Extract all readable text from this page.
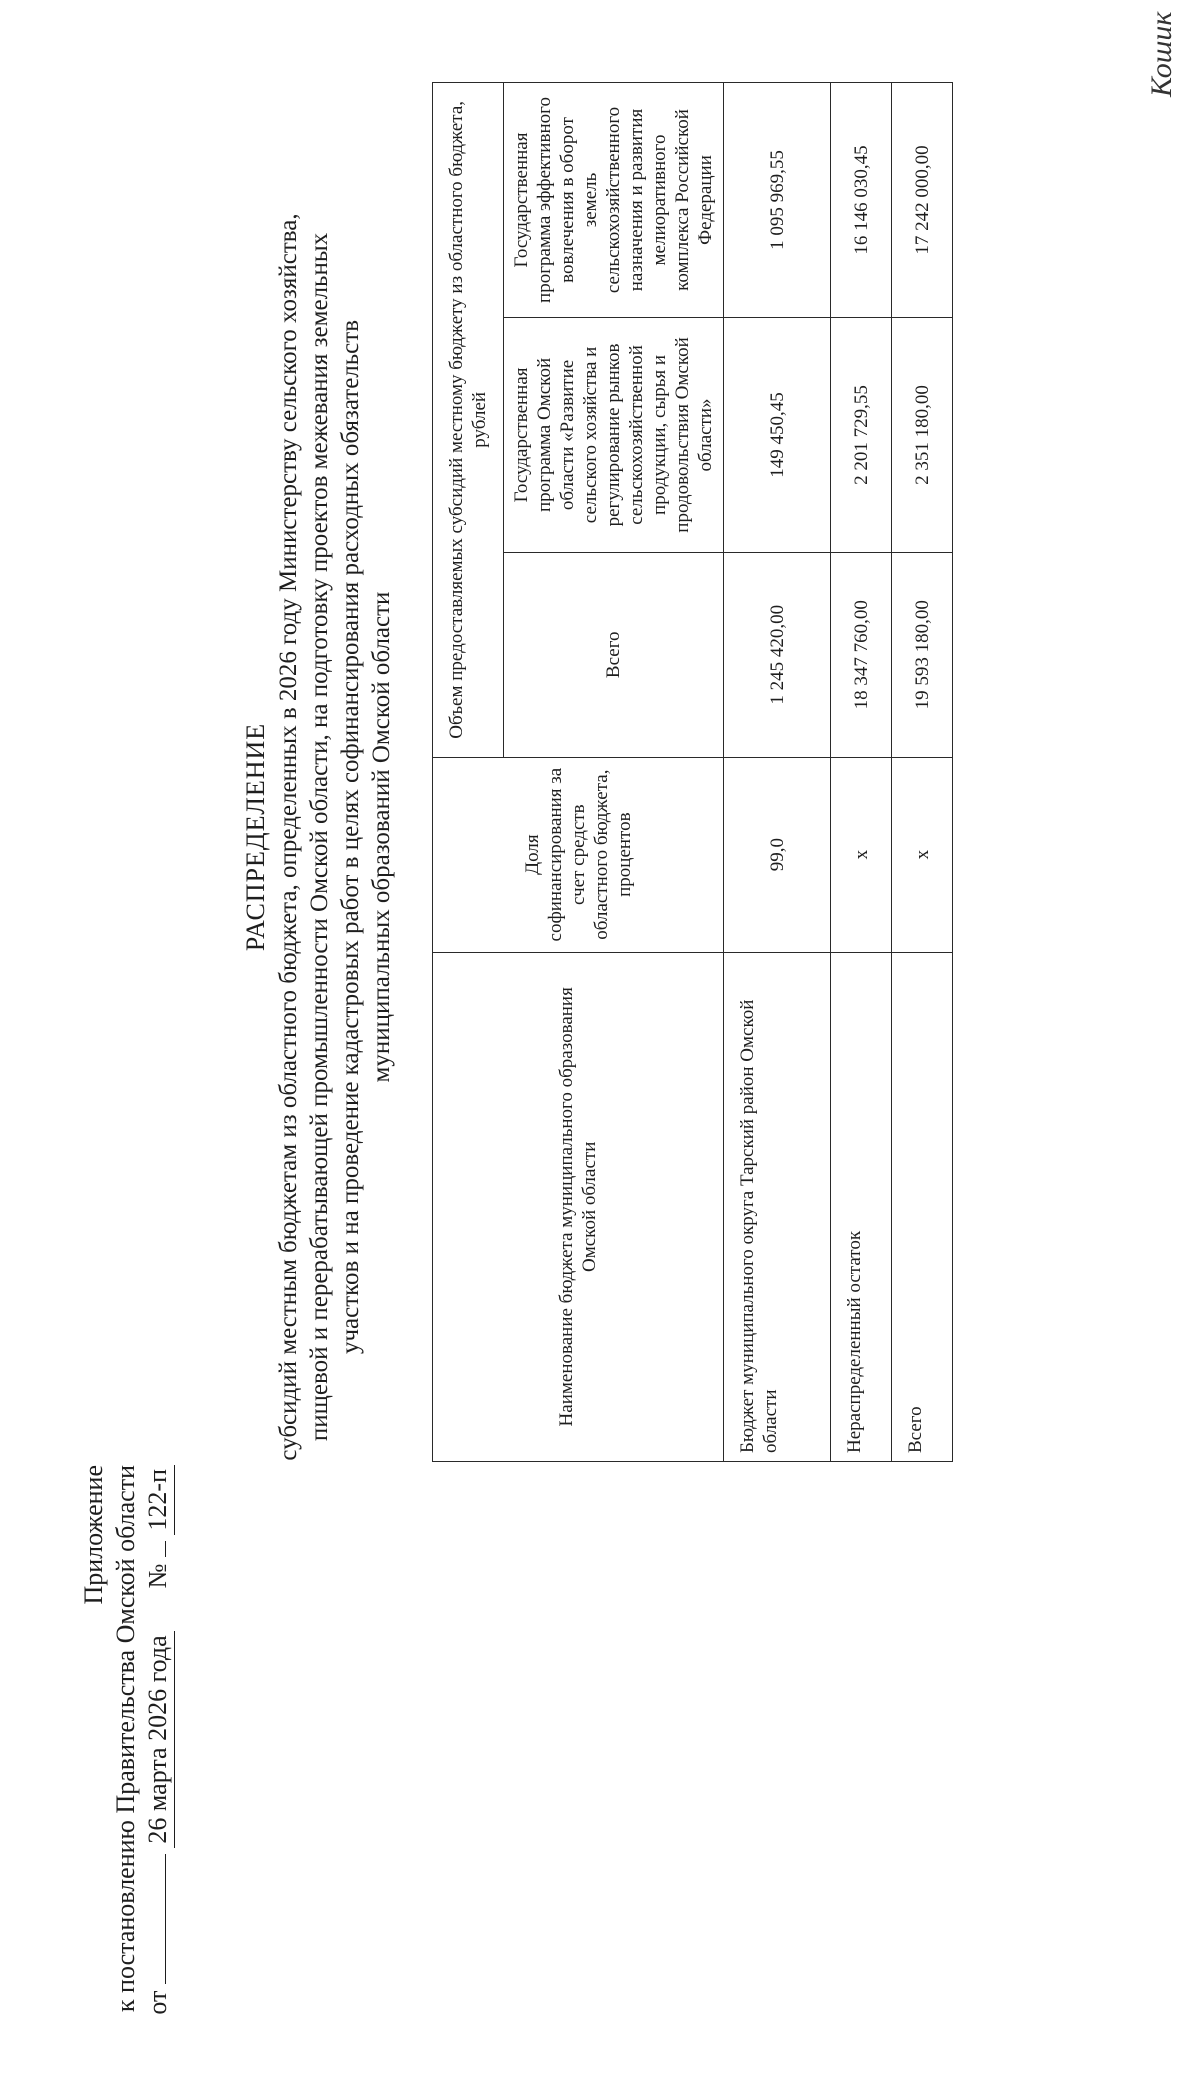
Приложение к постановлению Правительства Омской области от  26 марта 2026 года  №  122-п
РАСПРЕДЕЛЕНИЕ субсидий местным бюджетам из областного бюджета, определенных в 2026 году Министерству сельского хозяйства, пищевой и перерабатывающей промышленности Омской области, на подготовку проектов межевания земельных участков и на проведение кадастровых работ в целях софинансирования расходных обязательств муниципальных образований Омской области
Наименование бюджета муниципального образования Омской области	Доля софинансирования за счет средств областного бюджета, процентов	Объем предоставляемых субсидий местному бюджету из областного бюджета, рублей		
		Всего	Государственная программа Омской области «Развитие сельского хозяйства и регулирование рынков сельскохозяйственной продукции, сырья и продовольствия Омской области»	Государственная программа эффективного вовлечения в оборот земель сельскохозяйственного назначения и развития мелиоративного комплекса Российской Федерации
Бюджет муниципального округа Тарский район Омской области	99,0	1 245 420,00	149 450,45	1 095 969,55
Нераспределенный остаток	х	18 347 760,00	2 201 729,55	16 146 030,45
Всего	х	19 593 180,00	2 351 180,00	17 242 000,00
Кошик
